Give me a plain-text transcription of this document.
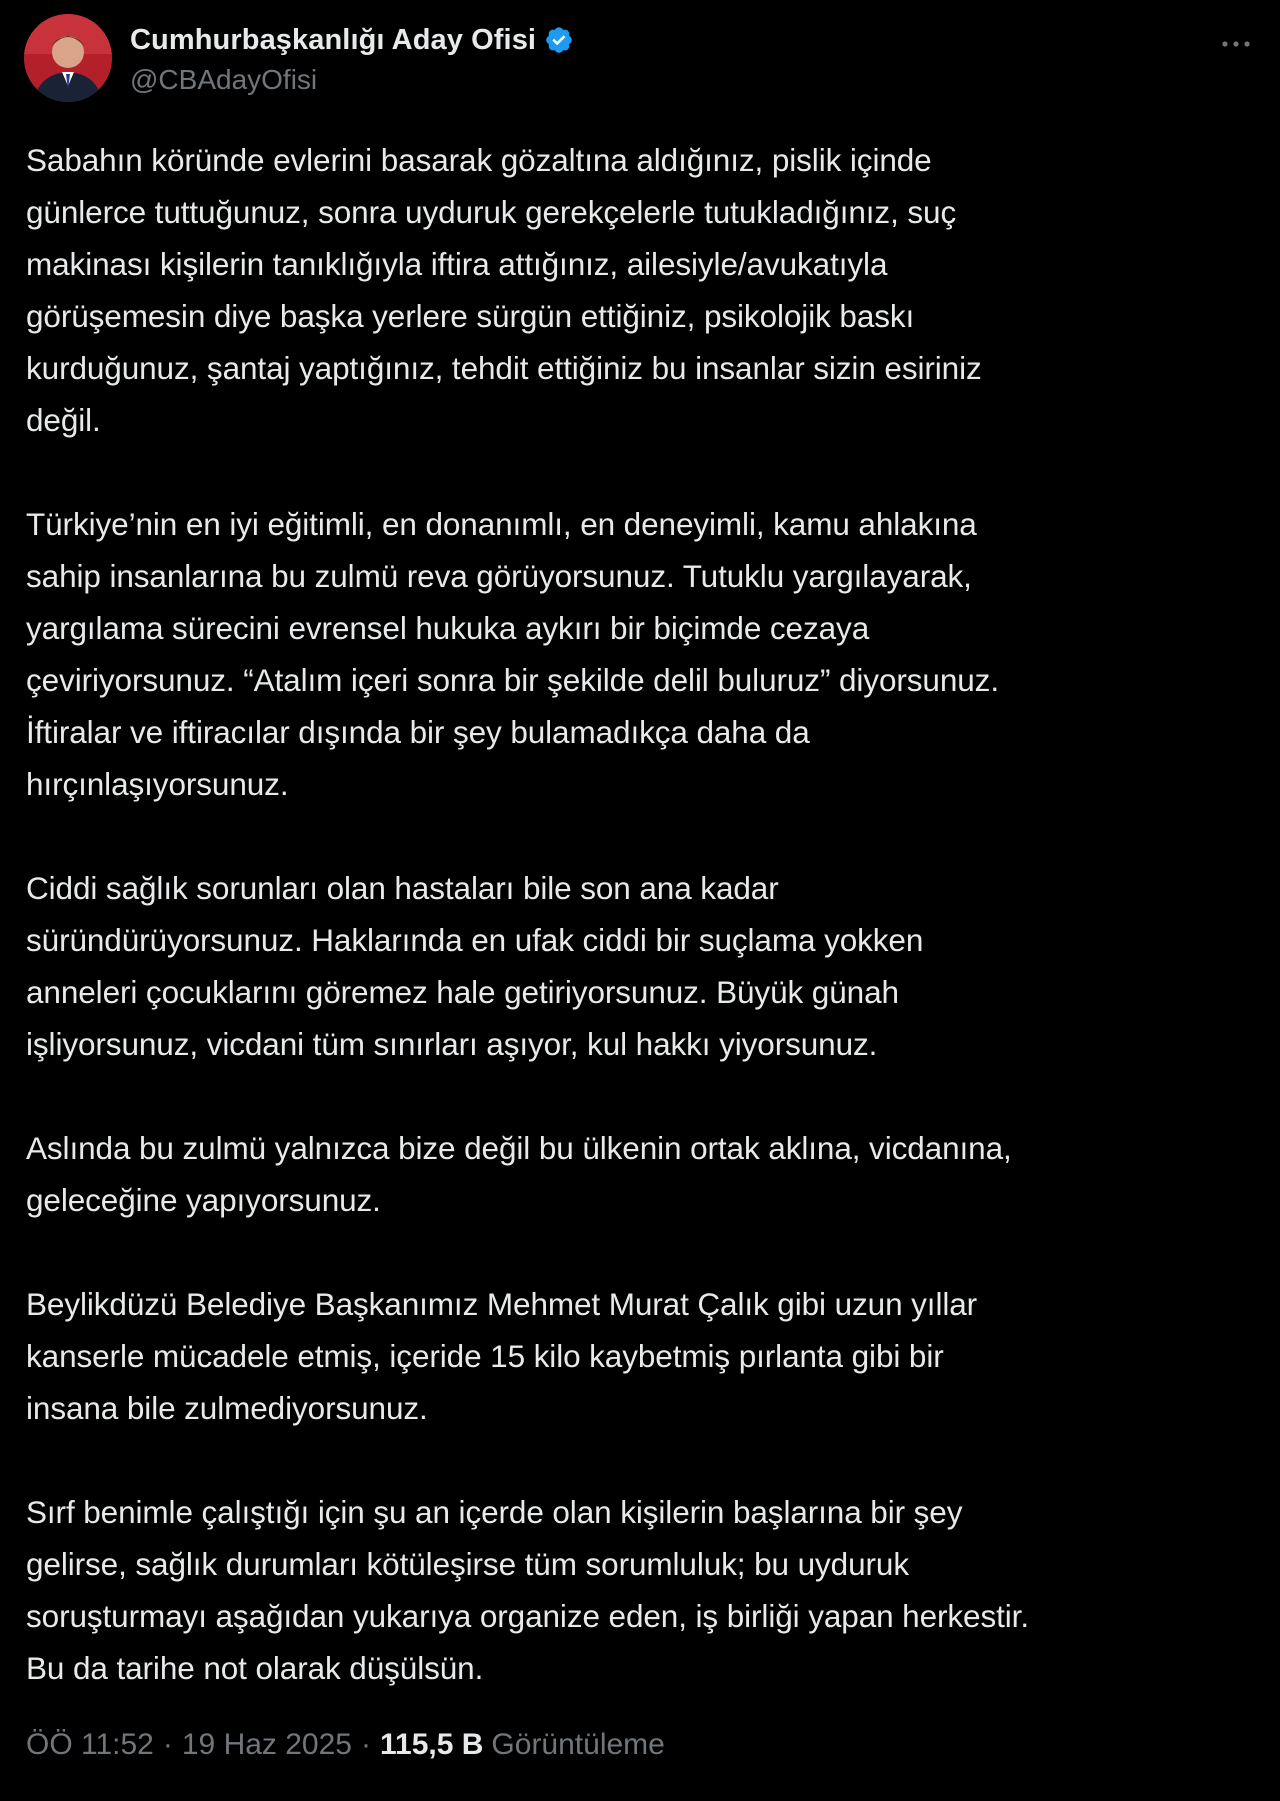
Cumhurbaşkanlığı Aday Ofisi
@CBAdayOfisi

Sabahın köründe evlerini basarak gözaltına aldığınız, pislik içinde
günlerce tuttuğunuz, sonra uyduruk gerekçelerle tutukladığınız, suç
makinası kişilerin tanıklığıyla iftira attığınız, ailesiyle/avukatıyla
görüşemesin diye başka yerlere sürgün ettiğiniz, psikolojik baskı
kurduğunuz, şantaj yaptığınız, tehdit ettiğiniz bu insanlar sizin esiriniz
değil.

Türkiye’nin en iyi eğitimli, en donanımlı, en deneyimli, kamu ahlakına
sahip insanlarına bu zulmü reva görüyorsunuz. Tutuklu yargılayarak,
yargılama sürecini evrensel hukuka aykırı bir biçimde cezaya
çeviriyorsunuz. “Atalım içeri sonra bir şekilde delil buluruz” diyorsunuz.
İftiralar ve iftiracılar dışında bir şey bulamadıkça daha da
hırçınlaşıyorsunuz.

Ciddi sağlık sorunları olan hastaları bile son ana kadar
süründürüyorsunuz. Haklarında en ufak ciddi bir suçlama yokken
anneleri çocuklarını göremez hale getiriyorsunuz. Büyük günah
işliyorsunuz, vicdani tüm sınırları aşıyor, kul hakkı yiyorsunuz.

Aslında bu zulmü yalnızca bize değil bu ülkenin ortak aklına, vicdanına,
geleceğine yapıyorsunuz.

Beylikdüzü Belediye Başkanımız Mehmet Murat Çalık gibi uzun yıllar
kanserle mücadele etmiş, içeride 15 kilo kaybetmiş pırlanta gibi bir
insana bile zulmediyorsunuz.

Sırf benimle çalıştığı için şu an içerde olan kişilerin başlarına bir şey
gelirse, sağlık durumları kötüleşirse tüm sorumluluk; bu uyduruk
soruşturmayı aşağıdan yukarıya organize eden, iş birliği yapan herkestir.
Bu da tarihe not olarak düşülsün.

ÖÖ 11:52 · 19 Haz 2025 · 115,5 B Görüntüleme
